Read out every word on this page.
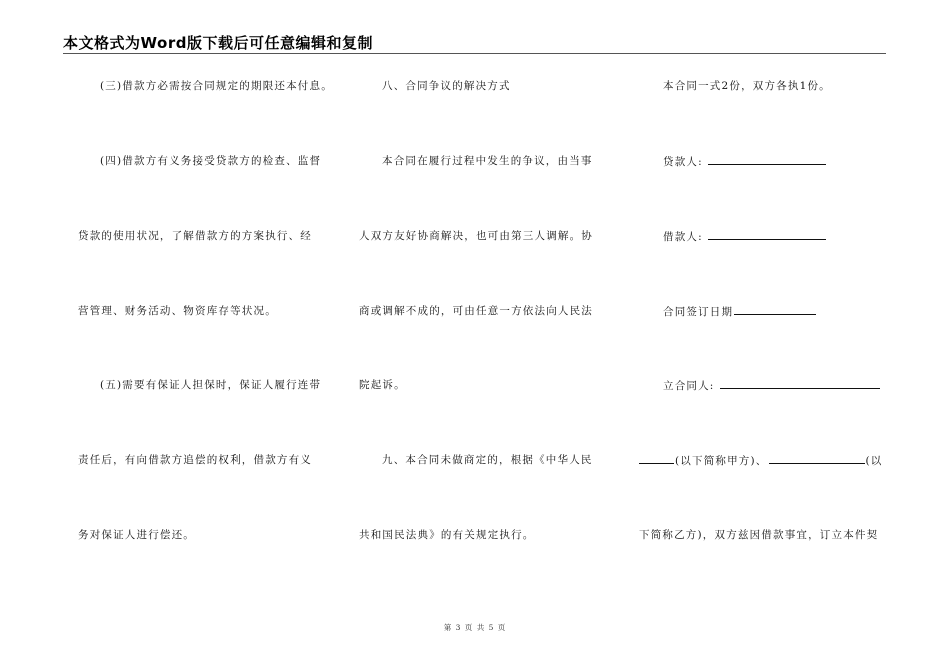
本文格式为Word版下载后可任意编辑和复制
(三)借款方必需按合同规定的期限还本付息。
(四)借款方有义务接受贷款方的检查、监督
贷款的使用状况，了解借款方的方案执行、经
营管理、财务活动、物资库存等状况。
(五)需要有保证人担保时，保证人履行连带
责任后，有向借款方追偿的权利，借款方有义
务对保证人进行偿还。
八、合同争议的解决方式
本合同在履行过程中发生的争议，由当事
人双方友好协商解决，也可由第三人调解。协
商或调解不成的，可由任意一方依法向人民法
院起诉。
九、本合同未做商定的，根据《中华人民
共和国民法典》的有关规定执行。
本合同一式2份，双方各执1份。
贷款人:
借款人:
合同签订日期
立合同人:
(以下简称甲方)、	(以
下简称乙方)，双方兹因借款事宜，订立本件契
第 3 页 共 5 页
